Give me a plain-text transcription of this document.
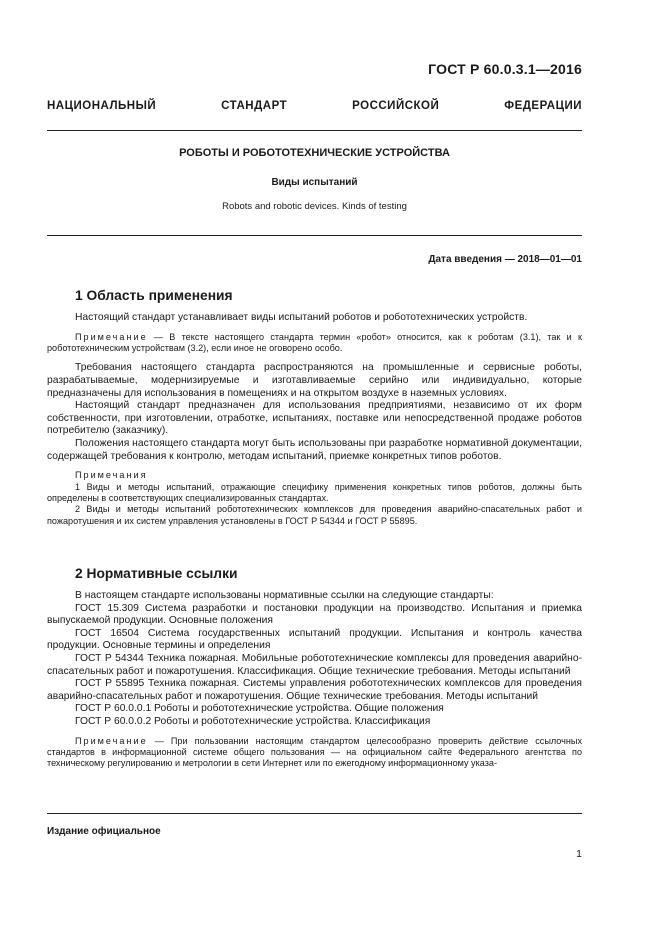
ГОСТ Р 60.0.3.1—2016
НАЦИОНАЛЬНЫЙ СТАНДАРТ РОССИЙСКОЙ ФЕДЕРАЦИИ
РОБОТЫ И РОБОТОТЕХНИЧЕСКИЕ УСТРОЙСТВА
Виды испытаний
Robots and robotic devices. Kinds of testing
Дата введения — 2018—01—01
1 Область применения

Настоящий стандарт устанавливает виды испытаний роботов и робототехнических устройств.

Примечание — В тексте настоящего стандарта термин «робот» относится, как к роботам (3.1), так и к робототехническим устройствам (3.2), если иное не оговорено особо.

Требования настоящего стандарта распространяются на промышленные и сервисные роботы, разрабатываемые, модернизируемые и изготавливаемые серийно или индивидуально, которые предназначены для использования в помещениях и на открытом воздухе в наземных условиях.

Настоящий стандарт предназначен для использования предприятиями, независимо от их форм собственности, при изготовлении, отработке, испытаниях, поставке или непосредственной продаже роботов потребителю (заказчику).

Положения настоящего стандарта могут быть использованы при разработке нормативной документации, содержащей требования к контролю, методам испытаний, приемке конкретных типов роботов.

Примечания

1 Виды и методы испытаний, отражающие специфику применения конкретных типов роботов, должны быть определены в соответствующих специализированных стандартах.

2 Виды и методы испытаний робототехнических комплексов для проведения аварийно-спасательных работ и пожаротушения и их систем управления установлены в ГОСТ Р 54344 и ГОСТ Р 55895.

2 Нормативные ссылки

В настоящем стандарте использованы нормативные ссылки на следующие стандарты:

ГОСТ 15.309 Система разработки и постановки продукции на производство. Испытания и приемка выпускаемой продукции. Основные положения

ГОСТ 16504 Система государственных испытаний продукции. Испытания и контроль качества продукции. Основные термины и определения

ГОСТ Р 54344 Техника пожарная. Мобильные робототехнические комплексы для проведения аварийно-спасательных работ и пожаротушения. Классификация. Общие технические требования. Методы испытаний

ГОСТ Р 55895 Техника пожарная. Системы управления робототехнических комплексов для проведения аварийно-спасательных работ и пожаротушения. Общие технические требования. Методы испытаний

ГОСТ Р 60.0.0.1 Роботы и робототехнические устройства. Общие положения

ГОСТ Р 60.0.0.2 Роботы и робототехнические устройства. Классификация

Примечание — При пользовании настоящим стандартом целесообразно проверить действие ссылочных стандартов в информационной системе общего пользования — на официальном сайте Федерального агентства по техническому регулированию и метрологии в сети Интернет или по ежегодному информационному указа-

Издание официальное
1
